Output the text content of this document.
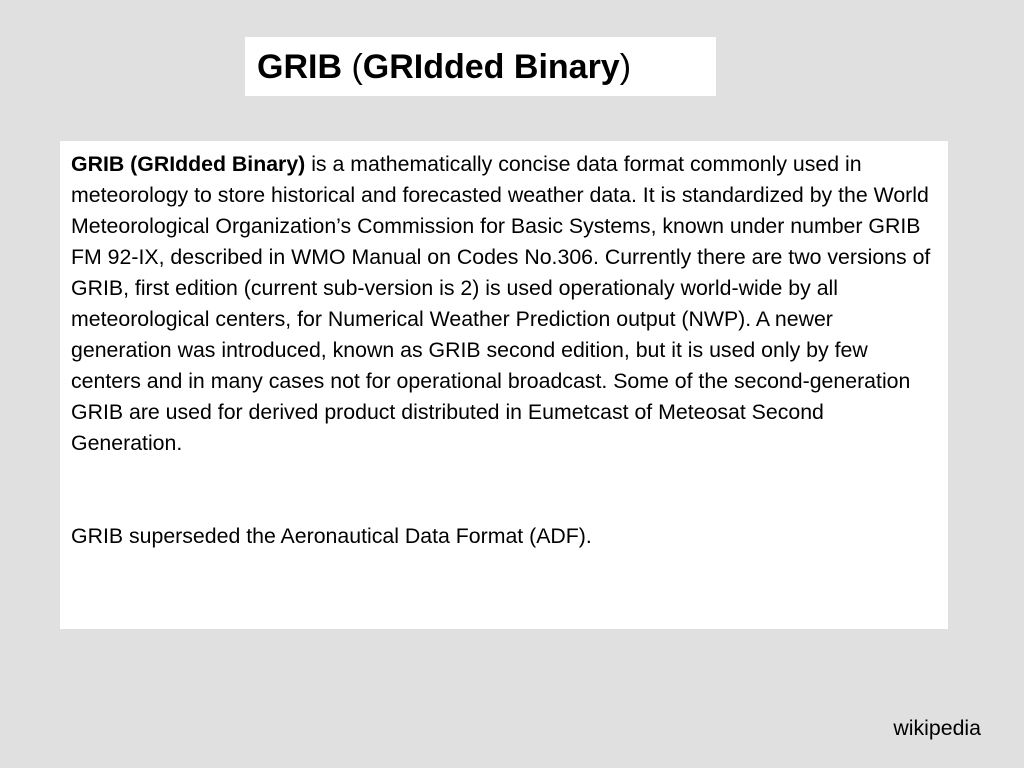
GRIB (GRIdded Binary)

GRIB (GRIdded Binary) is a mathematically concise data format commonly used in meteorology to store historical and forecasted weather data. It is standardized by the World Meteorological Organization’s Commission for Basic Systems, known under number GRIB FM 92-IX, described in WMO Manual on Codes No.306. Currently there are two versions of GRIB, first edition (current sub-version is 2) is used operationaly world-wide by all meteorological centers, for Numerical Weather Prediction output (NWP). A newer generation was introduced, known as GRIB second edition, but it is used only by few centers and in many cases not for operational broadcast. Some of the second-generation GRIB are used for derived product distributed in Eumetcast of Meteosat Second Generation.

GRIB superseded the Aeronautical Data Format (ADF).

wikipedia
